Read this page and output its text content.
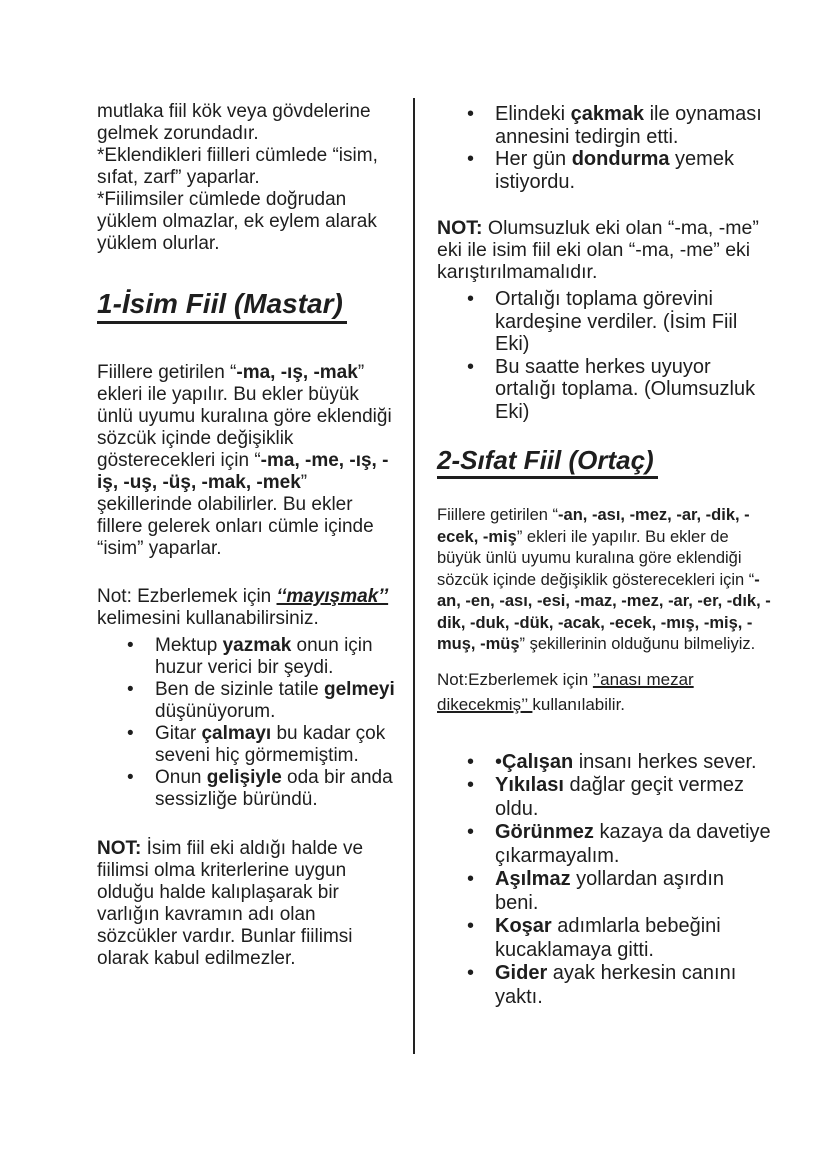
mutlaka fiil kök veya gövdelerine gelmek zorundadır.
*Eklendikleri fiilleri cümlede “isim, sıfat, zarf” yaparlar.
*Fiilimsiler cümlede doğrudan yüklem olmazlar, ek eylem alarak yüklem olurlar.
1-İsim Fiil (Mastar)

Fiillere getirilen “-ma, -ış, -mak” ekleri ile yapılır. Bu ekler büyük ünlü uyumu kuralına göre eklendiği sözcük içinde değişiklik gösterecekleri için “-ma, -me, -ış, -iş, -uş, -üş, -mak, -mek” şekillerinde olabilirler. Bu ekler fillere gelerek onları cümle içinde “isim” yaparlar.

Not: Ezberlemek için ‘‘mayışmak’’ kelimesini kullanabilirsiniz.

•	Mektup yazmak onun için huzur verici bir şeydi.
•	Ben de sizinle tatile gelmeyi düşünüyorum.
•	Gitar çalmayı bu kadar çok seveni hiç görmemiştim.
•	Onun gelişiyle oda bir anda sessizliğe büründü.

NOT: İsim fiil eki aldığı halde ve fiilimsi olma kriterlerine uygun olduğu halde kalıplaşarak bir varlığın kavramın adı olan sözcükler vardır. Bunlar fiilimsi olarak kabul edilmezler.

•	Elindeki çakmak ile oynaması annesini tedirgin etti.
•	Her gün dondurma yemek istiyordu.

NOT: Olumsuzluk eki olan “-ma, -me” eki ile isim fiil eki olan “-ma, -me” eki karıştırılmamalıdır.

•	Ortalığı toplama görevini kardeşine verdiler. (İsim Fiil Eki)
•	Bu saatte herkes uyuyor ortalığı toplama. (Olumsuzluk Eki)
2-Sıfat Fiil (Ortaç)

Fiillere getirilen “-an, -ası, -mez, -ar, -dik, -ecek, -miş” ekleri ile yapılır. Bu ekler de büyük ünlü uyumu kuralına göre eklendiği sözcük içinde değişiklik gösterecekleri için “-an, -en, -ası, -esi, -maz, -mez, -ar, -er, -dık, -dik, -duk, -dük, -acak, -ecek, -mış, -miş, -muş, -müş” şekillerinin olduğunu bilmeliyiz.

Not:Ezberlemek için ’’anası mezar dikecekmiş’’ kullanılabilir.

•	•Çalışan insanı herkes sever.
•	Yıkılası dağlar geçit vermez oldu.
•	Görünmez kazaya da davetiye çıkarmayalım.
•	Aşılmaz yollardan aşırdın beni.
•	Koşar adımlarla bebeğini kucaklamaya gitti.
•	Gider ayak herkesin canını yaktı.
